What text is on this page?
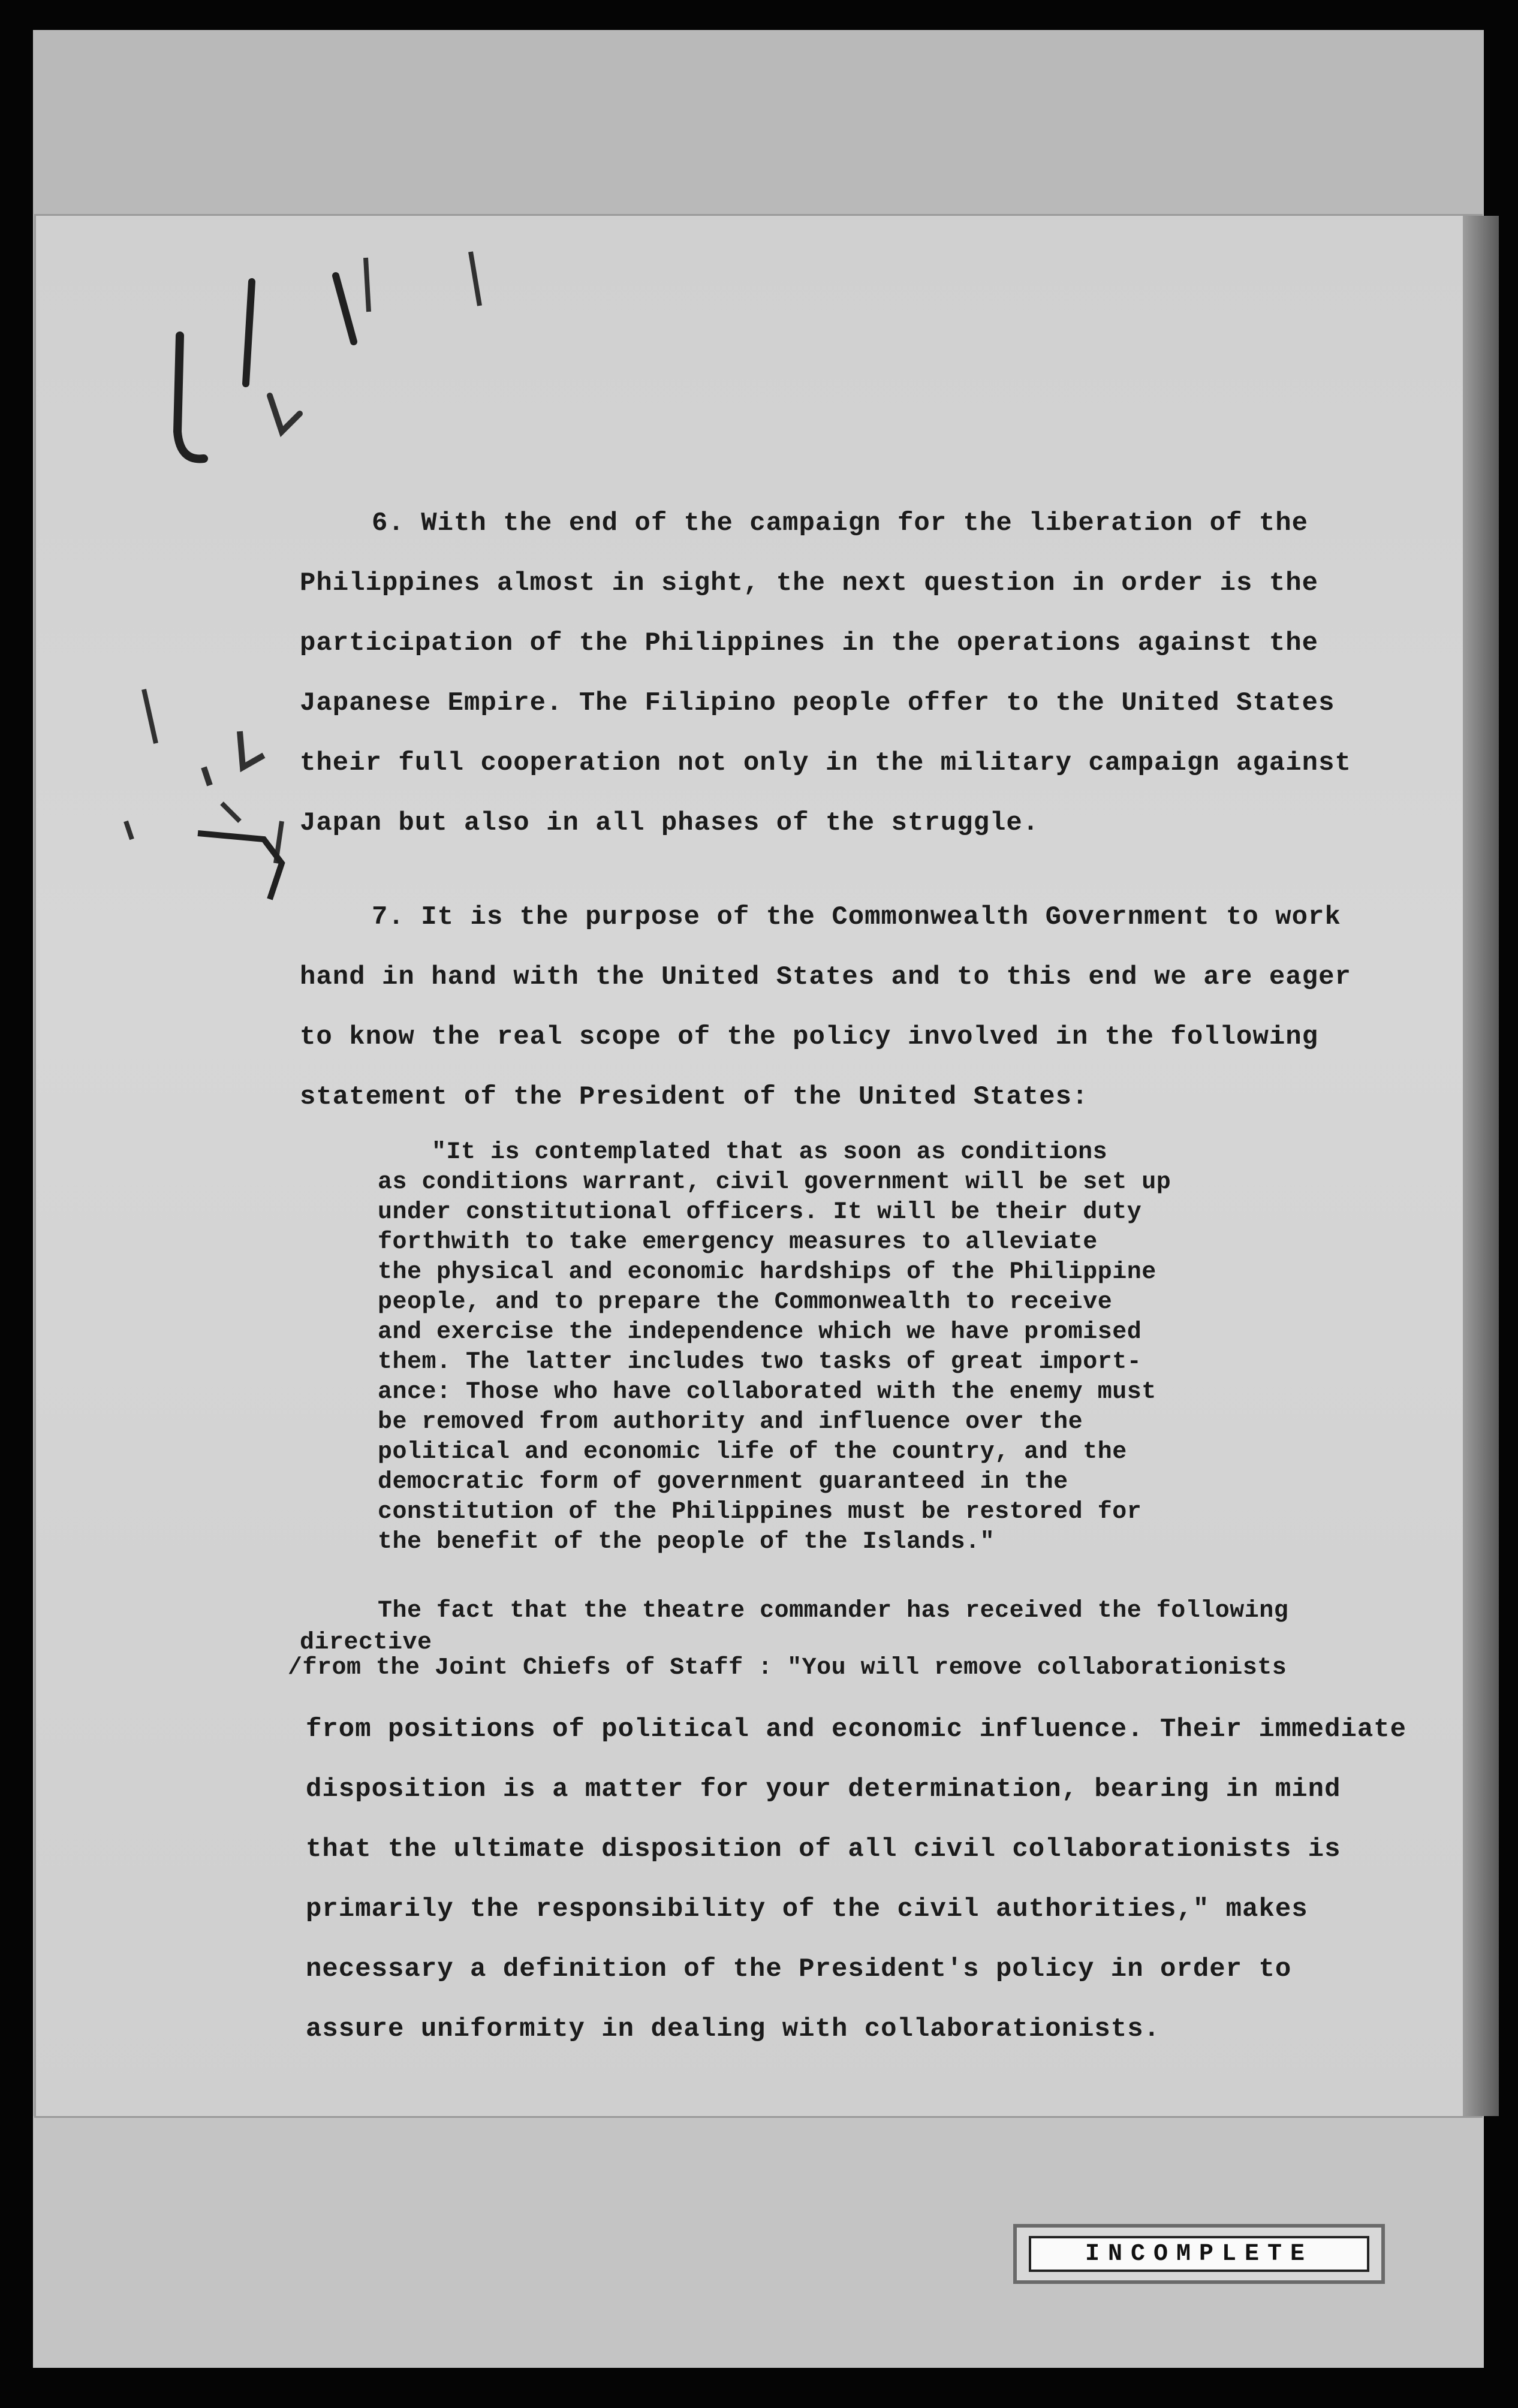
6. With the end of the campaign for the liberation of the
Philippines almost in sight, the next question in order is the
participation of the Philippines in the operations against the
Japanese Empire. The Filipino people offer to the United States
their full cooperation not only in the military campaign against
Japan but also in all phases of the struggle.
7. It is the purpose of the Commonwealth Government to work
hand in hand with the United States and to this end we are eager
to know the real scope of the policy involved in the following
statement of the President of the United States:
"It is contemplated that as soon as conditions
as conditions warrant, civil government will be set up
under constitutional officers. It will be their duty
forthwith to take emergency measures to alleviate
the physical and economic hardships of the Philippine
people, and to prepare the Commonwealth to receive
and exercise the independence which we have promised
them. The latter includes two tasks of great import-
ance: Those who have collaborated with the enemy must
be removed from authority and influence over the
political and economic life of the country, and the
democratic form of government guaranteed in the
constitution of the Philippines must be restored for
the benefit of the people of the Islands."
The fact that the theatre commander has received the following
directive
/from the Joint Chiefs of Staff : "You will remove collaborationists
from positions of political and economic influence. Their immediate
disposition is a matter for your determination, bearing in mind
that the ultimate disposition of all civil collaborationists is
primarily the responsibility of the civil authorities," makes
necessary a definition of the President's policy in order to
assure uniformity in dealing with collaborationists.
INCOMPLETE
